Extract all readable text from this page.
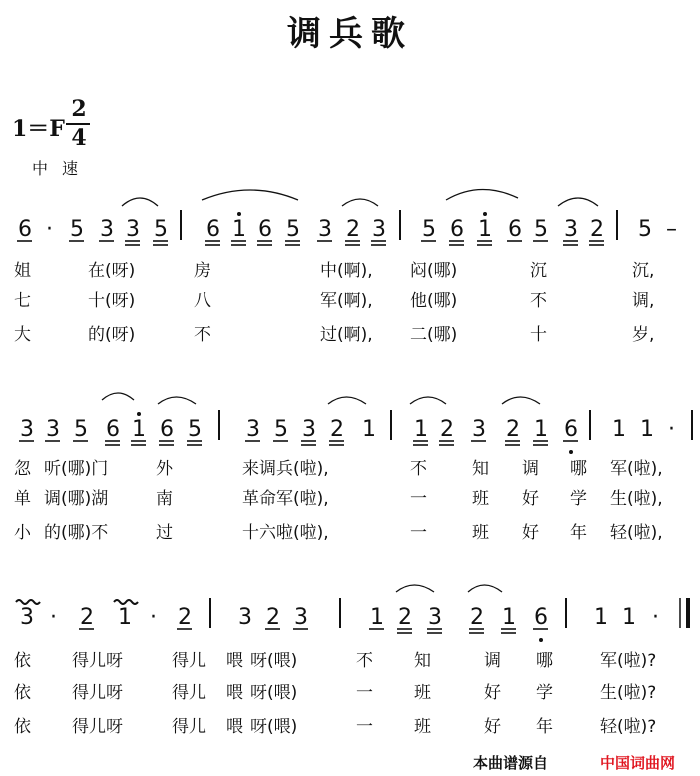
调兵歌
1＝F
2
4
中速
6 · 5 3 3 5 6 1 6 5 3 2 3 5 6 1 6 5 3 2 5 –
3 3 5 6 1 6 5 3 5 3 2 1 1 2 3 2 1 6 1 1 ·
3 · 2 1 · 2 3 2 3	1 2 3 2 1 6 1 1 ·
姐	在(呀)	房	中(啊), 闷(哪)	沉	沉,
七	十(呀)	八	军(啊), 他(哪)	不	调,
大	的(呀)	不	过(啊), 二(哪)	十	岁,
忽 听(哪)门	外	来调兵(啦),	不	知 调 哪 军(啦),
单 调(哪)湖	南	革命军(啦),	一	班 好 学 生(啦),
小 的(哪)不	过	十六啦(啦),	一	班 好 年 轻(啦),
依 得儿呀	得儿 喂 呀(喂)	不 知	调 哪	军(啦)?
依 得儿呀	得儿 喂 呀(喂)	一 班	好 学	生(啦)?
依 得儿呀	得儿 喂 呀(喂)	一 班	好 年	轻(啦)?
本曲谱源自	中国词曲网
